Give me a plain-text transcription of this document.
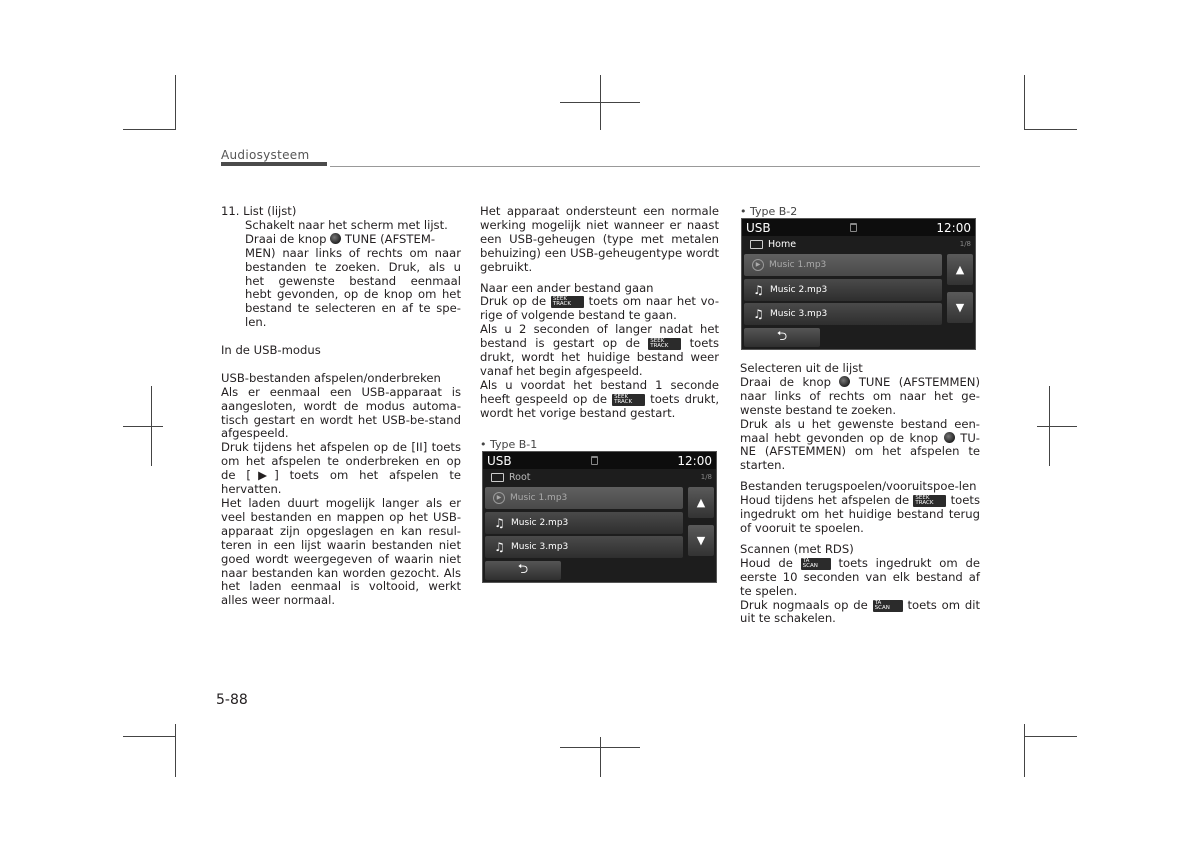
Audiosysteem

11. List (lijst)

Schakelt naar het scherm met lijst.

Draai de knop TUNE (AFSTEM-

MEN) naar links of rechts om naar

bestanden te zoeken. Druk, als u

het gewenste bestand eenmaal

hebt gevonden, op de knop om het

bestand te selecteren en af te spe-

len.

In de USB-modus

USB-bestanden afspelen/onderbreken

Als er eenmaal een USB-apparaat is aangesloten, wordt de modus automa-tisch gestart en wordt het USB-be-stand afgespeeld.

Druk tijdens het afspelen op de [II] toets om het afspelen te onderbreken en op de [▶] toets om het afspelen te hervatten.

Het laden duurt mogelijk langer als er veel bestanden en mappen op het USB-apparaat zijn opgeslagen en kan resul-teren in een lijst waarin bestanden niet goed wordt weergegeven of waarin niet naar bestanden kan worden gezocht. Als het laden eenmaal is voltooid, werkt alles weer normaal.

Het apparaat ondersteunt een normale werking mogelijk niet wanneer er naast een USB-geheugen (type met metalen behuizing) een USB-geheugentype wordt gebruikt.

Naar een ander bestand gaan

Druk op de SEEK
TRACK toets om naar het vo-rige of volgende bestand te gaan.

Als u 2 seconden of langer nadat het bestand is gestart op de SEEK
TRACK toets drukt, wordt het huidige bestand weer vanaf het begin afgespeeld.

Als u voordat het bestand 1 seconde heeft gespeeld op de SEEK
TRACK toets drukt, wordt het vorige bestand gestart.

• Type B-1
USB	12:00
Root	1/8
▶ Music 1.mp3
♫ Music 2.mp3
♫ Music 3.mp3
▲
▼
⮌
• Type B-2
USB	12:00
Home	1/8
▶ Music 1.mp3
♫ Music 2.mp3
♫ Music 3.mp3
▲
▼
⮌

Selecteren uit de lijst

Draai de knop TUNE (AFSTEMMEN) naar links of rechts om naar het ge-wenste bestand te zoeken.

Druk als u het gewenste bestand een-maal hebt gevonden op de knop TU-NE (AFSTEMMEN) om het afspelen te starten.

Bestanden terugspoelen/vooruitspoe-len

Houd tijdens het afspelen de SEEK
TRACK toets ingedrukt om het huidige bestand terug of vooruit te spoelen.

Scannen (met RDS)

Houd de TA
SCAN toets ingedrukt om de eerste 10 seconden van elk bestand af te spelen.

Druk nogmaals op de TA
SCAN toets om dit uit te schakelen.

5-88
